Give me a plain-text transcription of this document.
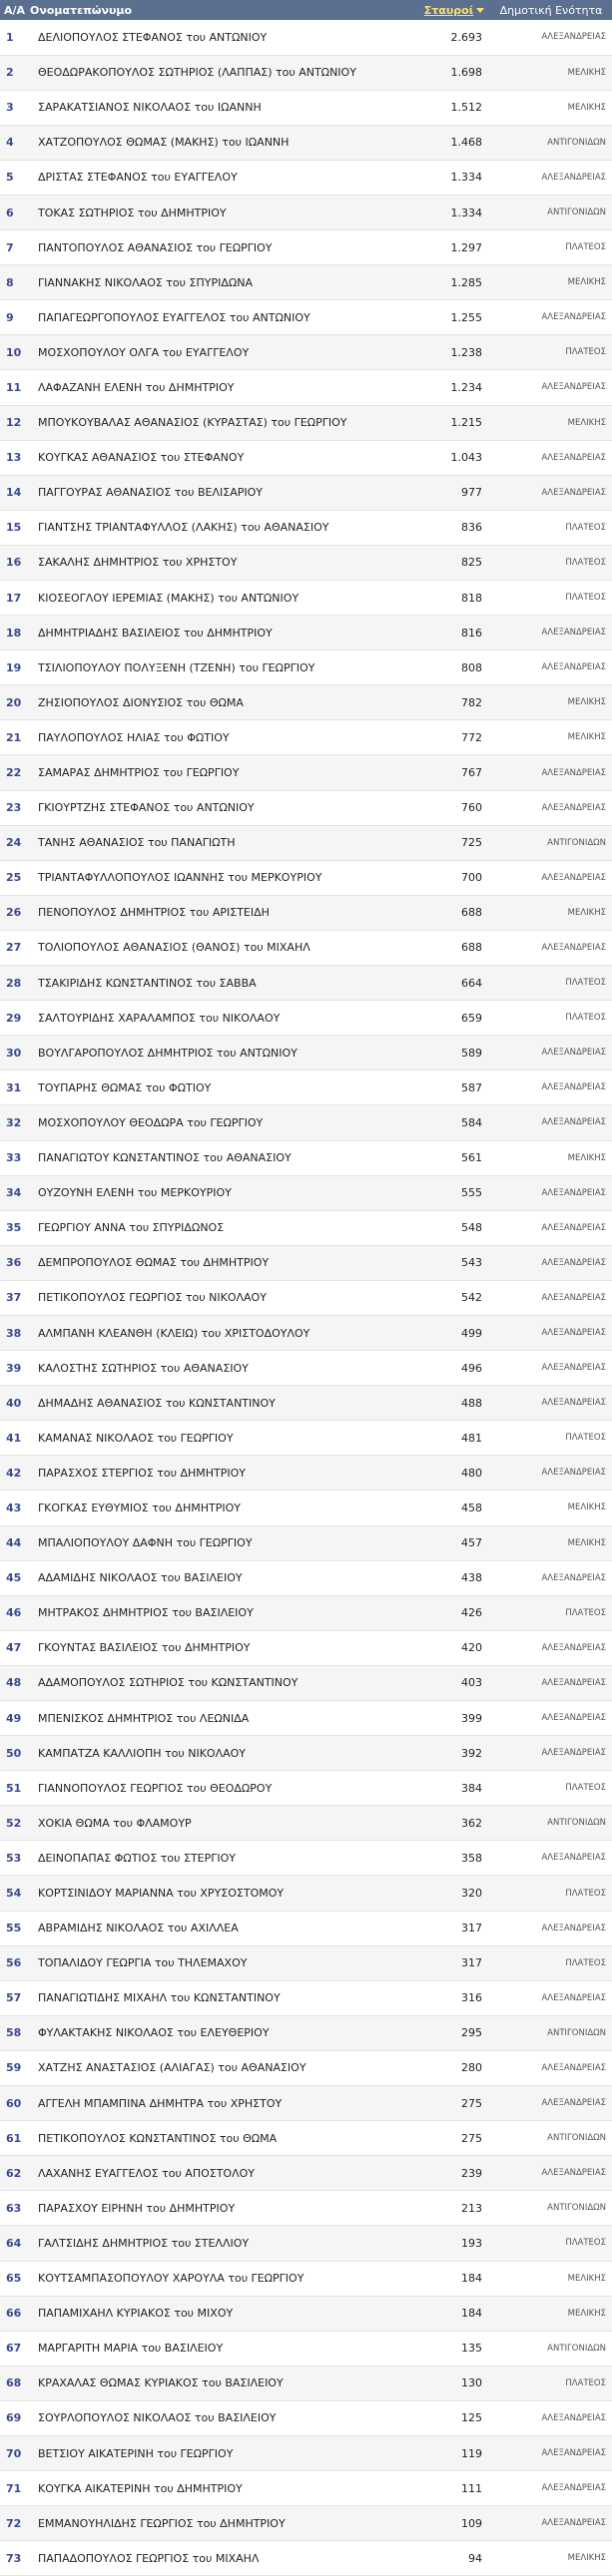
Α/Α	Ονοματεπώνυμο	Σταυροί	Δημοτική Ενότητα
1	ΔΕΛΙΟΠΟΥΛΟΣ ΣΤΕΦΑΝΟΣ του ΑΝΤΩΝΙΟΥ	2.693	ΑΛΕΞΑΝΔΡΕΙΑΣ
2	ΘΕΟΔΩΡΑΚΟΠΟΥΛΟΣ ΣΩΤΗΡΙΟΣ (ΛΑΠΠΑΣ) του ΑΝΤΩΝΙΟΥ	1.698	ΜΕΛΙΚΗΣ
3	ΣΑΡΑΚΑΤΣΙΑΝΟΣ ΝΙΚΟΛΑΟΣ του ΙΩΑΝΝΗ	1.512	ΜΕΛΙΚΗΣ
4	ΧΑΤΖΟΠΟΥΛΟΣ ΘΩΜΑΣ (ΜΑΚΗΣ) του ΙΩΑΝΝΗ	1.468	ΑΝΤΙΓΟΝΙΔΩΝ
5	ΔΡΙΣΤΑΣ ΣΤΕΦΑΝΟΣ του ΕΥΑΓΓΕΛΟΥ	1.334	ΑΛΕΞΑΝΔΡΕΙΑΣ
6	ΤΟΚΑΣ ΣΩΤΗΡΙΟΣ του ΔΗΜΗΤΡΙΟΥ	1.334	ΑΝΤΙΓΟΝΙΔΩΝ
7	ΠΑΝΤΟΠΟΥΛΟΣ ΑΘΑΝΑΣΙΟΣ του ΓΕΩΡΓΙΟΥ	1.297	ΠΛΑΤΕΟΣ
8	ΓΙΑΝΝΑΚΗΣ ΝΙΚΟΛΑΟΣ του ΣΠΥΡΙΔΩΝΑ	1.285	ΜΕΛΙΚΗΣ
9	ΠΑΠΑΓΕΩΡΓΟΠΟΥΛΟΣ ΕΥΑΓΓΕΛΟΣ του ΑΝΤΩΝΙΟΥ	1.255	ΑΛΕΞΑΝΔΡΕΙΑΣ
10	ΜΟΣΧΟΠΟΥΛΟΥ ΟΛΓΑ του ΕΥΑΓΓΕΛΟΥ	1.238	ΠΛΑΤΕΟΣ
11	ΛΑΦΑΖΑΝΗ ΕΛΕΝΗ του ΔΗΜΗΤΡΙΟΥ	1.234	ΑΛΕΞΑΝΔΡΕΙΑΣ
12	ΜΠΟΥΚΟΥΒΑΛΑΣ ΑΘΑΝΑΣΙΟΣ (ΚΥΡΑΣΤΑΣ) του ΓΕΩΡΓΙΟΥ	1.215	ΜΕΛΙΚΗΣ
13	ΚΟΥΓΚΑΣ ΑΘΑΝΑΣΙΟΣ του ΣΤΕΦΑΝΟΥ	1.043	ΑΛΕΞΑΝΔΡΕΙΑΣ
14	ΠΑΓΓΟΥΡΑΣ ΑΘΑΝΑΣΙΟΣ του ΒΕΛΙΣΑΡΙΟΥ	977	ΑΛΕΞΑΝΔΡΕΙΑΣ
15	ΓΙΑΝΤΣΗΣ ΤΡΙΑΝΤΑΦΥΛΛΟΣ (ΛΑΚΗΣ) του ΑΘΑΝΑΣΙΟΥ	836	ΠΛΑΤΕΟΣ
16	ΣΑΚΑΛΗΣ ΔΗΜΗΤΡΙΟΣ του ΧΡΗΣΤΟΥ	825	ΠΛΑΤΕΟΣ
17	ΚΙΟΣΕΟΓΛΟΥ ΙΕΡΕΜΙΑΣ (ΜΑΚΗΣ) του ΑΝΤΩΝΙΟΥ	818	ΠΛΑΤΕΟΣ
18	ΔΗΜΗΤΡΙΑΔΗΣ ΒΑΣΙΛΕΙΟΣ του ΔΗΜΗΤΡΙΟΥ	816	ΑΛΕΞΑΝΔΡΕΙΑΣ
19	ΤΣΙΛΙΟΠΟΥΛΟΥ ΠΟΛΥΞΕΝΗ (ΤΖΕΝΗ) του ΓΕΩΡΓΙΟΥ	808	ΑΛΕΞΑΝΔΡΕΙΑΣ
20	ΖΗΣΙΟΠΟΥΛΟΣ ΔΙΟΝΥΣΙΟΣ του ΘΩΜΑ	782	ΜΕΛΙΚΗΣ
21	ΠΑΥΛΟΠΟΥΛΟΣ ΗΛΙΑΣ του ΦΩΤΙΟΥ	772	ΜΕΛΙΚΗΣ
22	ΣΑΜΑΡΑΣ ΔΗΜΗΤΡΙΟΣ του ΓΕΩΡΓΙΟΥ	767	ΑΛΕΞΑΝΔΡΕΙΑΣ
23	ΓΚΙΟΥΡΤΖΗΣ ΣΤΕΦΑΝΟΣ του ΑΝΤΩΝΙΟΥ	760	ΑΛΕΞΑΝΔΡΕΙΑΣ
24	ΤΑΝΗΣ ΑΘΑΝΑΣΙΟΣ του ΠΑΝΑΓΙΩΤΗ	725	ΑΝΤΙΓΟΝΙΔΩΝ
25	ΤΡΙΑΝΤΑΦΥΛΛΟΠΟΥΛΟΣ ΙΩΑΝΝΗΣ του ΜΕΡΚΟΥΡΙΟΥ	700	ΑΛΕΞΑΝΔΡΕΙΑΣ
26	ΠΕΝΟΠΟΥΛΟΣ ΔΗΜΗΤΡΙΟΣ του ΑΡΙΣΤΕΙΔΗ	688	ΜΕΛΙΚΗΣ
27	ΤΟΛΙΟΠΟΥΛΟΣ ΑΘΑΝΑΣΙΟΣ (ΘΑΝΟΣ) του ΜΙΧΑΗΛ	688	ΑΛΕΞΑΝΔΡΕΙΑΣ
28	ΤΣΑΚΙΡΙΔΗΣ ΚΩΝΣΤΑΝΤΙΝΟΣ του ΣΑΒΒΑ	664	ΠΛΑΤΕΟΣ
29	ΣΑΛΤΟΥΡΙΔΗΣ ΧΑΡΑΛΑΜΠΟΣ του ΝΙΚΟΛΑΟΥ	659	ΠΛΑΤΕΟΣ
30	ΒΟΥΛΓΑΡΟΠΟΥΛΟΣ ΔΗΜΗΤΡΙΟΣ του ΑΝΤΩΝΙΟΥ	589	ΑΛΕΞΑΝΔΡΕΙΑΣ
31	ΤΟΥΠΑΡΗΣ ΘΩΜΑΣ του ΦΩΤΙΟΥ	587	ΑΛΕΞΑΝΔΡΕΙΑΣ
32	ΜΟΣΧΟΠΟΥΛΟΥ ΘΕΟΔΩΡΑ του ΓΕΩΡΓΙΟΥ	584	ΑΛΕΞΑΝΔΡΕΙΑΣ
33	ΠΑΝΑΓΙΩΤΟΥ ΚΩΝΣΤΑΝΤΙΝΟΣ του ΑΘΑΝΑΣΙΟΥ	561	ΜΕΛΙΚΗΣ
34	ΟΥΖΟΥΝΗ ΕΛΕΝΗ του ΜΕΡΚΟΥΡΙΟΥ	555	ΑΛΕΞΑΝΔΡΕΙΑΣ
35	ΓΕΩΡΓΙΟΥ ΑΝΝΑ του ΣΠΥΡΙΔΩΝΟΣ	548	ΑΛΕΞΑΝΔΡΕΙΑΣ
36	ΔΕΜΠΡΟΠΟΥΛΟΣ ΘΩΜΑΣ του ΔΗΜΗΤΡΙΟΥ	543	ΑΛΕΞΑΝΔΡΕΙΑΣ
37	ΠΕΤΙΚΟΠΟΥΛΟΣ ΓΕΩΡΓΙΟΣ του ΝΙΚΟΛΑΟΥ	542	ΑΛΕΞΑΝΔΡΕΙΑΣ
38	ΑΛΜΠΑΝΗ ΚΛΕΑΝΘΗ (ΚΛΕΙΩ) του ΧΡΙΣΤΟΔΟΥΛΟΥ	499	ΑΛΕΞΑΝΔΡΕΙΑΣ
39	ΚΑΛΟΣΤΗΣ ΣΩΤΗΡΙΟΣ του ΑΘΑΝΑΣΙΟΥ	496	ΑΛΕΞΑΝΔΡΕΙΑΣ
40	ΔΗΜΑΔΗΣ ΑΘΑΝΑΣΙΟΣ του ΚΩΝΣΤΑΝΤΙΝΟΥ	488	ΑΛΕΞΑΝΔΡΕΙΑΣ
41	ΚΑΜΑΝΑΣ ΝΙΚΟΛΑΟΣ του ΓΕΩΡΓΙΟΥ	481	ΠΛΑΤΕΟΣ
42	ΠΑΡΑΣΧΟΣ ΣΤΕΡΓΙΟΣ του ΔΗΜΗΤΡΙΟΥ	480	ΑΛΕΞΑΝΔΡΕΙΑΣ
43	ΓΚΟΓΚΑΣ ΕΥΘΥΜΙΟΣ του ΔΗΜΗΤΡΙΟΥ	458	ΜΕΛΙΚΗΣ
44	ΜΠΑΛΙΟΠΟΥΛΟΥ ΔΑΦΝΗ του ΓΕΩΡΓΙΟΥ	457	ΜΕΛΙΚΗΣ
45	ΑΔΑΜΙΔΗΣ ΝΙΚΟΛΑΟΣ του ΒΑΣΙΛΕΙΟΥ	438	ΑΛΕΞΑΝΔΡΕΙΑΣ
46	ΜΗΤΡΑΚΟΣ ΔΗΜΗΤΡΙΟΣ του ΒΑΣΙΛΕΙΟΥ	426	ΠΛΑΤΕΟΣ
47	ΓΚΟΥΝΤΑΣ ΒΑΣΙΛΕΙΟΣ του ΔΗΜΗΤΡΙΟΥ	420	ΑΛΕΞΑΝΔΡΕΙΑΣ
48	ΑΔΑΜΟΠΟΥΛΟΣ ΣΩΤΗΡΙΟΣ του ΚΩΝΣΤΑΝΤΙΝΟΥ	403	ΑΛΕΞΑΝΔΡΕΙΑΣ
49	ΜΠΕΝΙΣΚΟΣ ΔΗΜΗΤΡΙΟΣ του ΛΕΩΝΙΔΑ	399	ΑΛΕΞΑΝΔΡΕΙΑΣ
50	ΚΑΜΠΑΤΖΑ ΚΑΛΛΙΟΠΗ του ΝΙΚΟΛΑΟΥ	392	ΑΛΕΞΑΝΔΡΕΙΑΣ
51	ΓΙΑΝΝΟΠΟΥΛΟΣ ΓΕΩΡΓΙΟΣ του ΘΕΟΔΩΡΟΥ	384	ΠΛΑΤΕΟΣ
52	ΧΟΚΙΑ ΘΩΜΑ του ΦΛΑΜΟΥΡ	362	ΑΝΤΙΓΟΝΙΔΩΝ
53	ΔΕΙΝΟΠΑΠΑΣ ΦΩΤΙΟΣ του ΣΤΕΡΓΙΟΥ	358	ΑΛΕΞΑΝΔΡΕΙΑΣ
54	ΚΟΡΤΣΙΝΙΔΟΥ ΜΑΡΙΑΝΝΑ του ΧΡΥΣΟΣΤΟΜΟΥ	320	ΠΛΑΤΕΟΣ
55	ΑΒΡΑΜΙΔΗΣ ΝΙΚΟΛΑΟΣ του ΑΧΙΛΛΕΑ	317	ΑΛΕΞΑΝΔΡΕΙΑΣ
56	ΤΟΠΑΛΙΔΟΥ ΓΕΩΡΓΙΑ του ΤΗΛΕΜΑΧΟΥ	317	ΠΛΑΤΕΟΣ
57	ΠΑΝΑΓΙΩΤΙΔΗΣ ΜΙΧΑΗΛ του ΚΩΝΣΤΑΝΤΙΝΟΥ	316	ΑΛΕΞΑΝΔΡΕΙΑΣ
58	ΦΥΛΑΚΤΑΚΗΣ ΝΙΚΟΛΑΟΣ του ΕΛΕΥΘΕΡΙΟΥ	295	ΑΝΤΙΓΟΝΙΔΩΝ
59	ΧΑΤΖΗΣ ΑΝΑΣΤΑΣΙΟΣ (ΑΛΙΑΓΑΣ) του ΑΘΑΝΑΣΙΟΥ	280	ΑΛΕΞΑΝΔΡΕΙΑΣ
60	ΑΓΓΕΛΗ ΜΠΑΜΠΙΝΑ ΔΗΜΗΤΡΑ του ΧΡΗΣΤΟΥ	275	ΑΛΕΞΑΝΔΡΕΙΑΣ
61	ΠΕΤΙΚΟΠΟΥΛΟΣ ΚΩΝΣΤΑΝΤΙΝΟΣ του ΘΩΜΑ	275	ΑΝΤΙΓΟΝΙΔΩΝ
62	ΛΑΧΑΝΗΣ ΕΥΑΓΓΕΛΟΣ του ΑΠΟΣΤΟΛΟΥ	239	ΑΛΕΞΑΝΔΡΕΙΑΣ
63	ΠΑΡΑΣΧΟΥ ΕΙΡΗΝΗ του ΔΗΜΗΤΡΙΟΥ	213	ΑΝΤΙΓΟΝΙΔΩΝ
64	ΓΑΛΤΣΙΔΗΣ ΔΗΜΗΤΡΙΟΣ του ΣΤΕΛΛΙΟΥ	193	ΠΛΑΤΕΟΣ
65	ΚΟΥΤΣΑΜΠΑΣΟΠΟΥΛΟΥ ΧΑΡΟΥΛΑ του ΓΕΩΡΓΙΟΥ	184	ΜΕΛΙΚΗΣ
66	ΠΑΠΑΜΙΧΑΗΛ ΚΥΡΙΑΚΟΣ του ΜΙΧΟΥ	184	ΜΕΛΙΚΗΣ
67	ΜΑΡΓΑΡΙΤΗ ΜΑΡΙΑ του ΒΑΣΙΛΕΙΟΥ	135	ΑΝΤΙΓΟΝΙΔΩΝ
68	ΚΡΑΧΑΛΑΣ ΘΩΜΑΣ ΚΥΡΙΑΚΟΣ του ΒΑΣΙΛΕΙΟΥ	130	ΠΛΑΤΕΟΣ
69	ΣΟΥΡΛΟΠΟΥΛΟΣ ΝΙΚΟΛΑΟΣ του ΒΑΣΙΛΕΙΟΥ	125	ΑΛΕΞΑΝΔΡΕΙΑΣ
70	ΒΕΤΣΙΟΥ ΑΙΚΑΤΕΡΙΝΗ του ΓΕΩΡΓΙΟΥ	119	ΑΛΕΞΑΝΔΡΕΙΑΣ
71	ΚΟΥΓΚΑ ΑΙΚΑΤΕΡΙΝΗ του ΔΗΜΗΤΡΙΟΥ	111	ΑΛΕΞΑΝΔΡΕΙΑΣ
72	ΕΜΜΑΝΟΥΗΛΙΔΗΣ ΓΕΩΡΓΙΟΣ του ΔΗΜΗΤΡΙΟΥ	109	ΑΛΕΞΑΝΔΡΕΙΑΣ
73	ΠΑΠΑΔΟΠΟΥΛΟΣ ΓΕΩΡΓΙΟΣ του ΜΙΧΑΗΛ	94	ΜΕΛΙΚΗΣ
